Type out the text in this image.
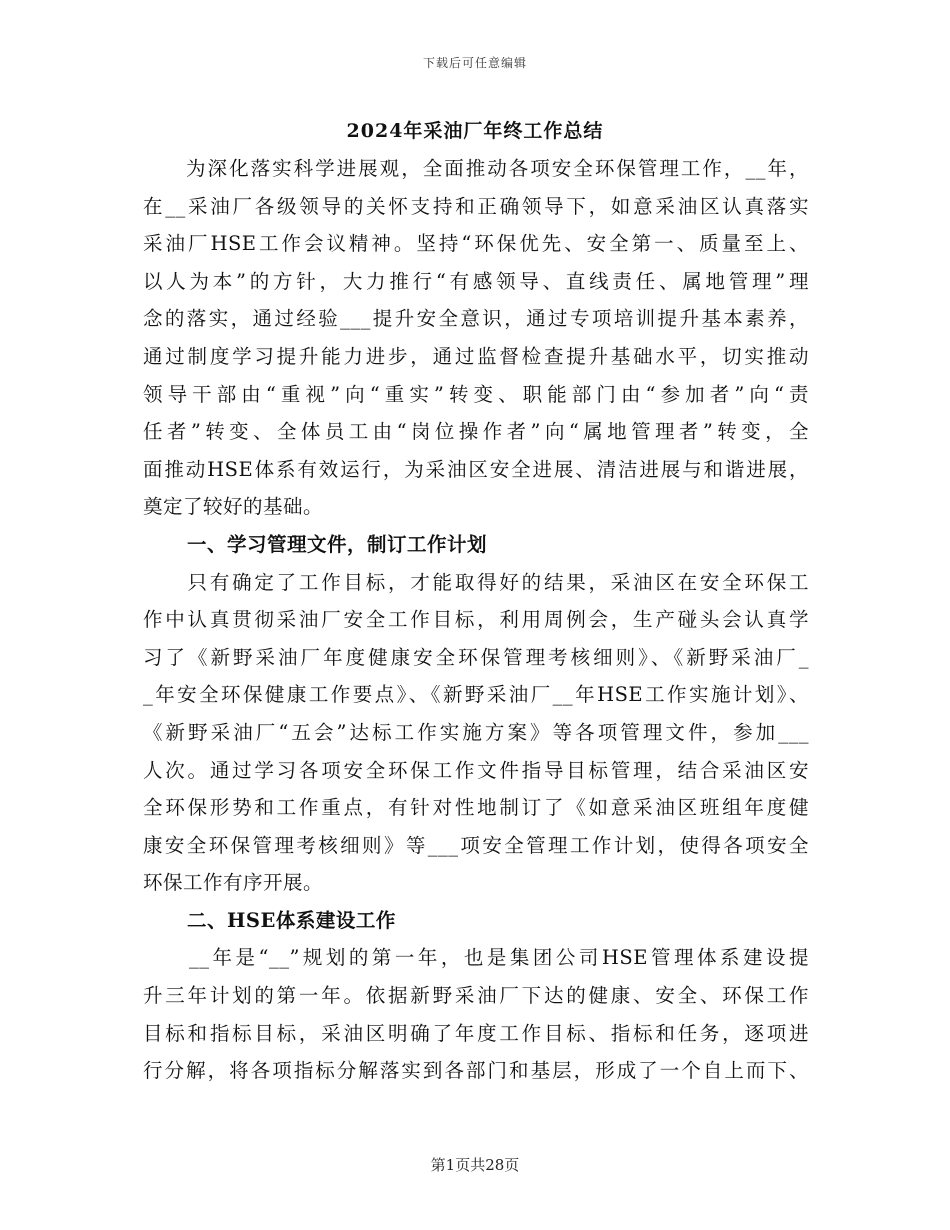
下载后可任意编辑
2024年采油厂年终工作总结
　　为深化落实科学进展观，全面推动各项安全环保管理工作，__年，
在__采油厂各级领导的关怀支持和正确领导下，如意采油区认真落实
采油厂HSE工作会议精神。坚持“环保优先、安全第一、质量至上、
以人为本”的方针，大力推行“有感领导、直线责任、属地管理”理
念的落实，通过经验___提升安全意识，通过专项培训提升基本素养，
通过制度学习提升能力进步，通过监督检查提升基础水平，切实推动
领导干部由“重视”向“重实”转变、职能部门由“参加者”向“责
任者”转变、全体员工由“岗位操作者”向“属地管理者”转变，全
面推动HSE体系有效运行，为采油区安全进展、清洁进展与和谐进展，
奠定了较好的基础。
一、学习管理文件，制订工作计划
　　只有确定了工作目标，才能取得好的结果，采油区在安全环保工
作中认真贯彻采油厂安全工作目标，利用周例会，生产碰头会认真学
习了《新野采油厂年度健康安全环保管理考核细则》、《新野采油厂_
_年安全环保健康工作要点》、《新野采油厂__年HSE工作实施计划》、
《新野采油厂“五会”达标工作实施方案》等各项管理文件，参加___
人次。通过学习各项安全环保工作文件指导目标管理，结合采油区安
全环保形势和工作重点，有针对性地制订了《如意采油区班组年度健
康安全环保管理考核细则》等___项安全管理工作计划，使得各项安全
环保工作有序开展。
二、HSE体系建设工作
　　__年是“__”规划的第一年，也是集团公司HSE管理体系建设提
升三年计划的第一年。依据新野采油厂下达的健康、安全、环保工作
目标和指标目标，采油区明确了年度工作目标、指标和任务，逐项进
行分解，将各项指标分解落实到各部门和基层，形成了一个自上而下、
第1页共28页
